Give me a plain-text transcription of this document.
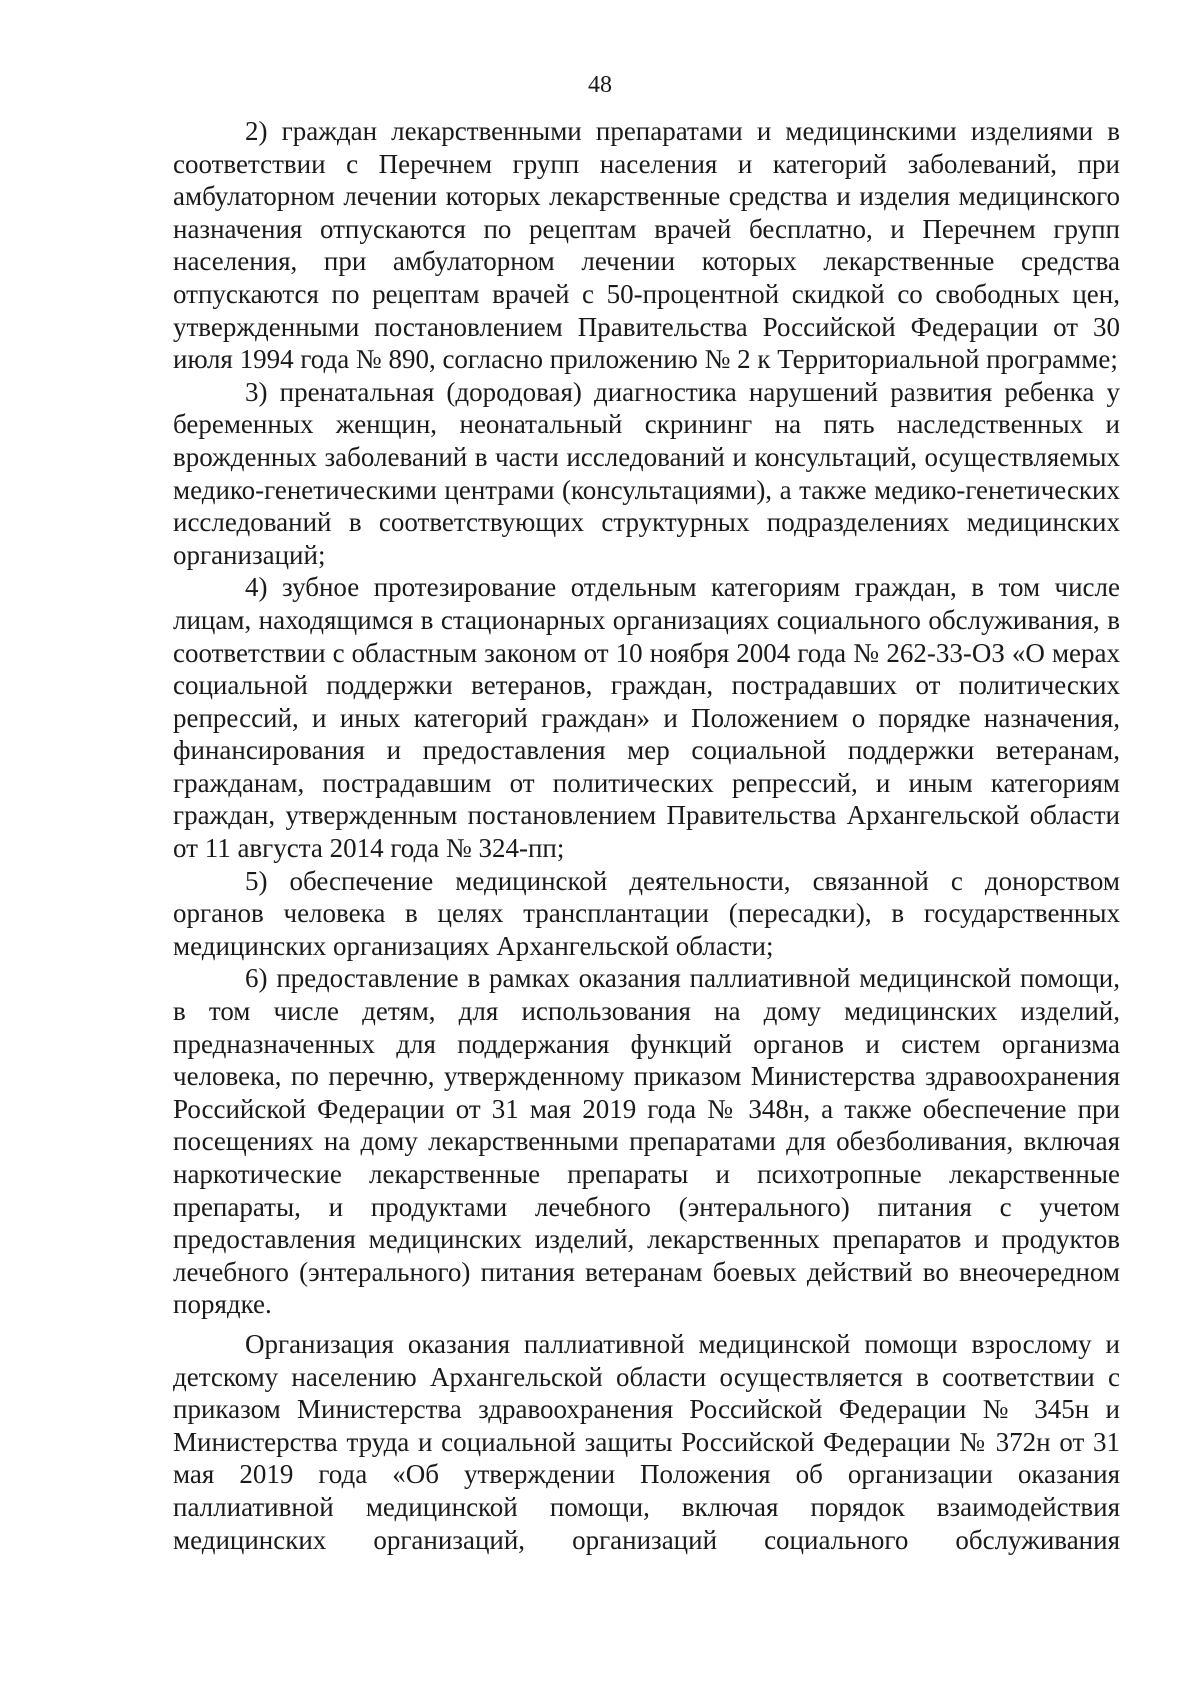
48

2) граждан лекарственными препаратами и медицинскими изделиями в соответствии с Перечнем групп населения и категорий заболеваний, при амбулаторном лечении которых лекарственные средства и изделия медицинского назначения отпускаются по рецептам врачей бесплатно, и Перечнем групп населения, при амбулаторном лечении которых лекарственные средства отпускаются по рецептам врачей с 50-процентной скидкой со свободных цен, утвержденными постановлением Правительства Российской Федерации от 30 июля 1994 года № 890, согласно приложению № 2 к Территориальной программе;

3) пренатальная (дородовая) диагностика нарушений развития ребенка у беременных женщин, неонатальный скрининг на пять наследственных и врожденных заболеваний в части исследований и консультаций, осуществляемых медико-генетическими центрами (консультациями), а также медико-генетических исследований в соответствующих структурных подразделениях медицинских организаций;

4) зубное протезирование отдельным категориям граждан, в том числе лицам, находящимся в стационарных организациях социального обслуживания, в соответствии с областным законом от 10 ноября 2004 года № 262-33-ОЗ «О мерах социальной поддержки ветеранов, граждан, пострадавших от политических репрессий, и иных категорий граждан» и Положением о порядке назначения, финансирования и предоставления мер социальной поддержки ветеранам, гражданам, пострадавшим от политических репрессий, и иным категориям граждан, утвержденным постановлением Правительства Архангельской области от 11 августа 2014 года № 324-пп;

5) обеспечение медицинской деятельности, связанной с донорством органов человека в целях трансплантации (пересадки), в государственных медицинских организациях Архангельской области;

6) предоставление в рамках оказания паллиативной медицинской помощи, в том числе детям, для использования на дому медицинских изделий, предназначенных для поддержания функций органов и систем организма человека, по перечню, утвержденному приказом Министерства здравоохранения Российской Федерации от 31 мая 2019 года № 348н, а также обеспечение при посещениях на дому лекарственными препаратами для обезболивания, включая наркотические лекарственные препараты и психотропные лекарственные препараты, и продуктами лечебного (энтерального) питания с учетом предоставления медицинских изделий, лекарственных препаратов и продуктов лечебного (энтерального) питания ветеранам боевых действий во внеочередном порядке.

Организация оказания паллиативной медицинской помощи взрослому и детскому населению Архангельской области осуществляется в соответствии с приказом Министерства здравоохранения Российской Федерации № 345н и Министерства труда и социальной защиты Российской Федерации № 372н от 31 мая 2019 года «Об утверждении Положения об организации оказания паллиативной медицинской помощи, включая порядок взаимодействия медицинских организаций, организаций социального обслуживания
